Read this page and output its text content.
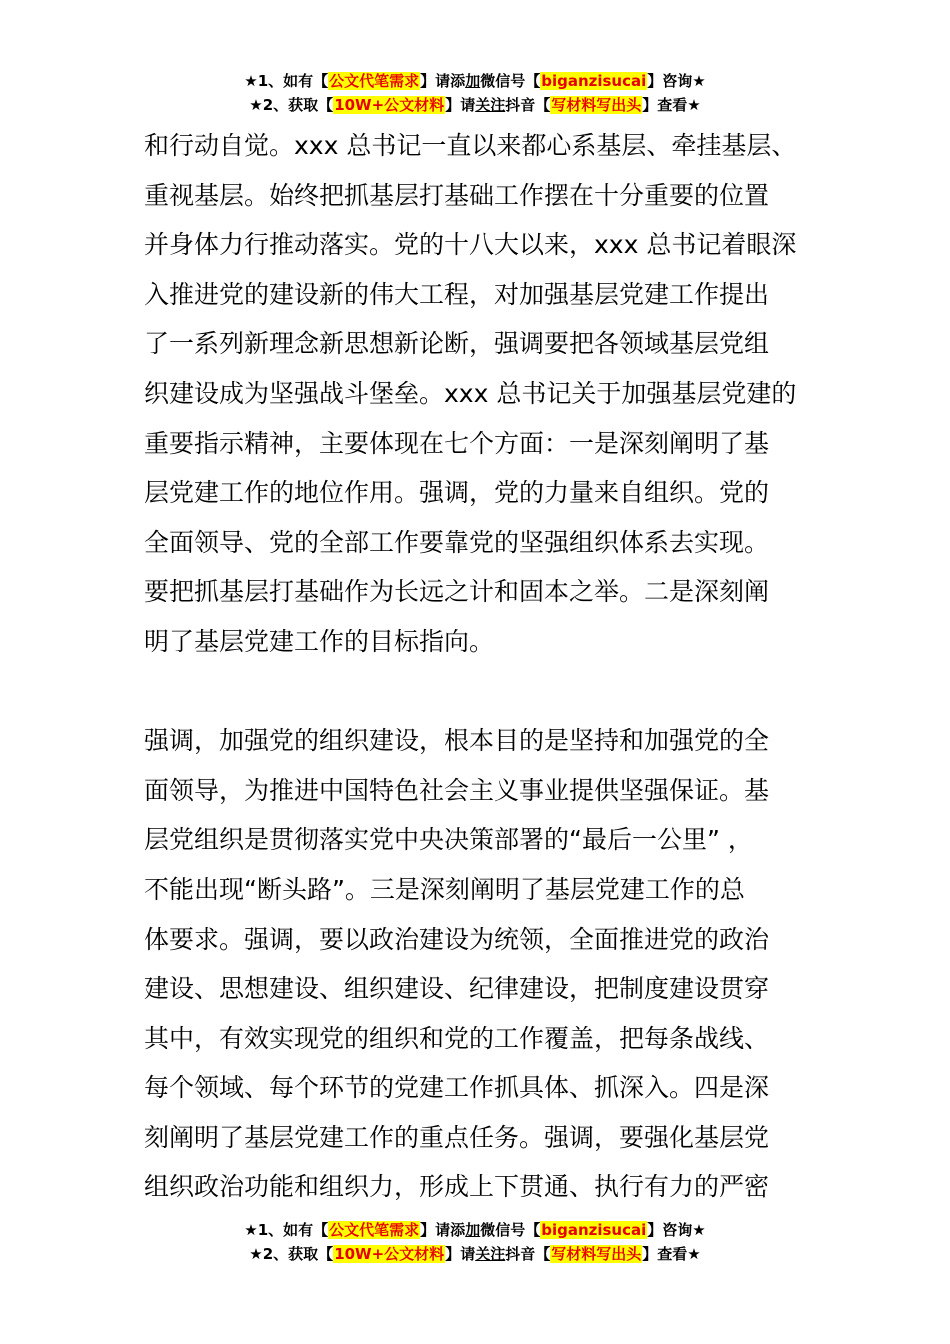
★1、如有【公文代笔需求】请添加微信号【biganzisucai】咨询★
★2、获取【10W+公文材料】请关注抖音【写材料写出头】查看★
和行动自觉。xxx 总书记一直以来都心系基层、牵挂基层、
重视基层。始终把抓基层打基础工作摆在十分重要的位置
并身体力行推动落实。党的十八大以来，xxx 总书记着眼深
入推进党的建设新的伟大工程，对加强基层党建工作提出
了一系列新理念新思想新论断，强调要把各领域基层党组
织建设成为坚强战斗堡垒。xxx 总书记关于加强基层党建的
重要指示精神，主要体现在七个方面：一是深刻阐明了基
层党建工作的地位作用。强调，党的力量来自组织。党的
全面领导、党的全部工作要靠党的坚强组织体系去实现。
要把抓基层打基础作为长远之计和固本之举。二是深刻阐
明了基层党建工作的目标指向。
强调，加强党的组织建设，根本目的是坚持和加强党的全
面领导，为推进中国特色社会主义事业提供坚强保证。基
层党组织是贯彻落实党中央决策部署的“最后一公里” ，
不能出现“断头路”。三是深刻阐明了基层党建工作的总
体要求。强调，要以政治建设为统领，全面推进党的政治
建设、思想建设、组织建设、纪律建设，把制度建设贯穿
其中，有效实现党的组织和党的工作覆盖，把每条战线、
每个领域、每个环节的党建工作抓具体、抓深入。四是深
刻阐明了基层党建工作的重点任务。强调，要强化基层党
组织政治功能和组织力，形成上下贯通、执行有力的严密
★1、如有【公文代笔需求】请添加微信号【biganzisucai】咨询★
★2、获取【10W+公文材料】请关注抖音【写材料写出头】查看★
